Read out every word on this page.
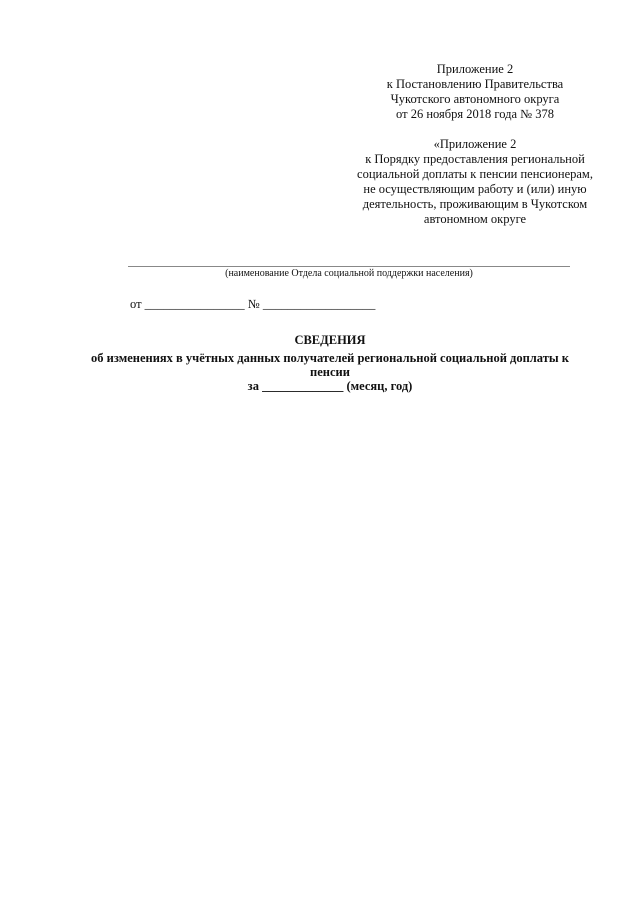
Приложение 2
к Постановлению Правительства
Чукотского автономного округа
от 26 ноября 2018 года № 378
«Приложение 2
к Порядку предоставления региональной
социальной доплаты к пенсии пенсионерам,
не осуществляющим работу и (или) иную
деятельность, проживающим в Чукотском
автономном округе
(наименование Отдела социальной поддержки населения)
от ________________ № __________________
СВЕДЕНИЯ
об изменениях в учётных данных получателей региональной социальной доплаты к
пенсии
за _____________ (месяц, год)
